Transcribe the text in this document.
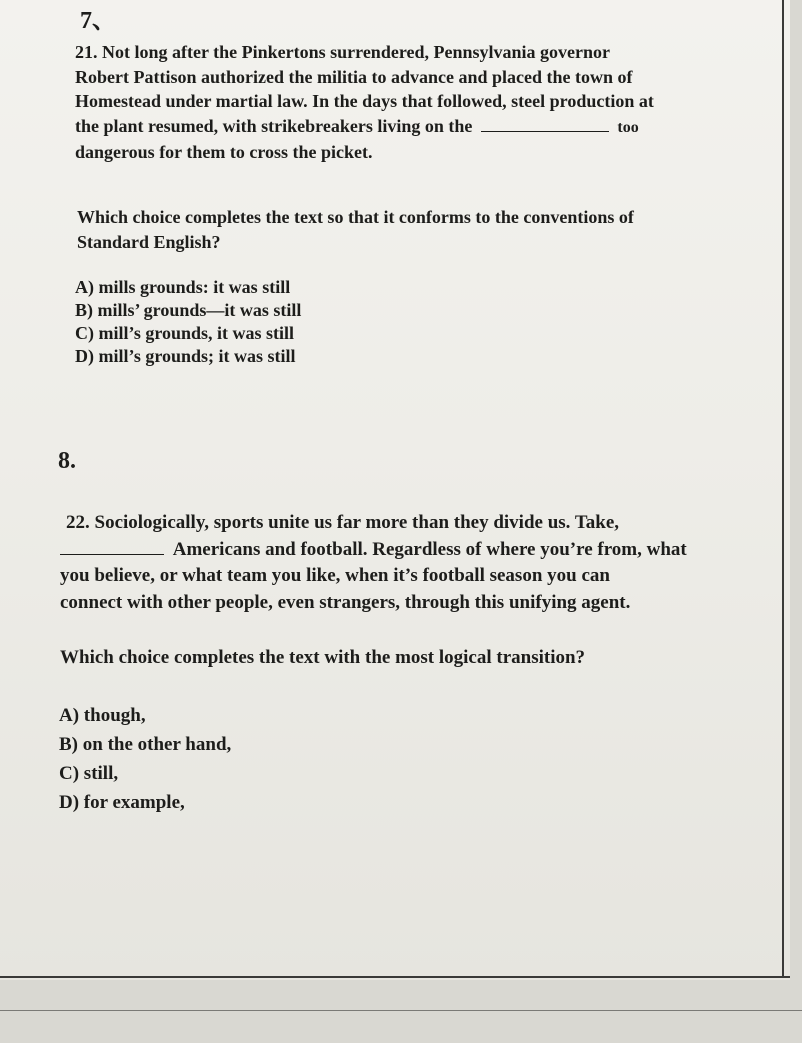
7、
21. Not long after the Pinkertons surrendered, Pennsylvania governor
Robert Pattison authorized the militia to advance and placed the town of
Homestead under martial law. In the days that followed, steel production at
the plant resumed, with strikebreakers living on the	too
dangerous for them to cross the picket.
Which choice completes the text so that it conforms to the conventions of
Standard English?
A) mills grounds: it was still
B) mills’ grounds—it was still
C) mill’s grounds, it was still
D) mill’s grounds; it was still
8.
22. Sociologically, sports unite us far more than they divide us. Take,
Americans and football. Regardless of where you’re from, what
you believe, or what team you like, when it’s football season you can
connect with other people, even strangers, through this unifying agent.
Which choice completes the text with the most logical transition?
A) though,
B) on the other hand,
C) still,
D) for example,
